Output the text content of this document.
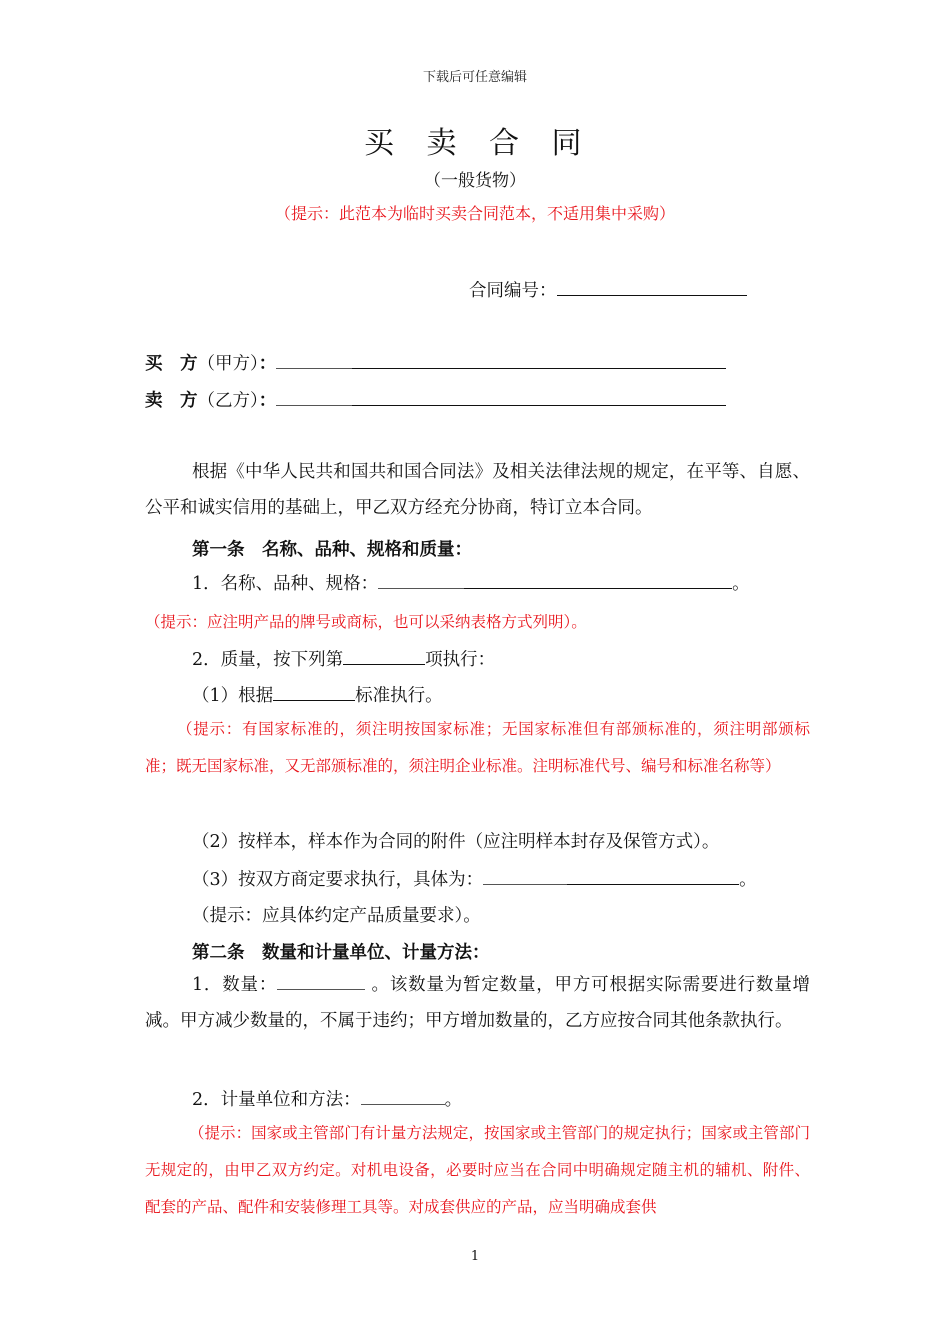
下载后可任意编辑
买 卖 合 同
（一般货物）
（提示：此范本为临时买卖合同范本，不适用集中采购）
合同编号：
买　方（甲方）：
卖　方（乙方）：
根据《中华人民共和国共和国合同法》及相关法律法规的规定，在平等、自愿、公平和诚实信用的基础上，甲乙双方经充分协商，特订立本合同。
第一条　名称、品种、规格和质量：
1．名称、品种、规格：	。
（提示：应注明产品的牌号或商标，也可以采纳表格方式列明）。
2．质量，按下列第	项执行：
（1）根据	标准执行。
（提示：有国家标准的，须注明按国家标准；无国家标准但有部颁标准的，须注明部颁标准；既无国家标准，又无部颁标准的，须注明企业标准。注明标准代号、编号和标准名称等）
（2）按样本，样本作为合同的附件（应注明样本封存及保管方式）。
（3）按双方商定要求执行，具体为：	。
（提示：应具体约定产品质量要求）。
第二条　数量和计量单位、计量方法：
1．数量：	。该数量为暂定数量，甲方可根据实际需要进行数量增减。甲方减少数量的，不属于违约；甲方增加数量的，乙方应按合同其他条款执行。
2．计量单位和方法：	。
（提示：国家或主管部门有计量方法规定，按国家或主管部门的规定执行；国家或主管部门无规定的，由甲乙双方约定。对机电设备，必要时应当在合同中明确规定随主机的辅机、附件、配套的产品、配件和安装修理工具等。对成套供应的产品，应当明确成套供
1
